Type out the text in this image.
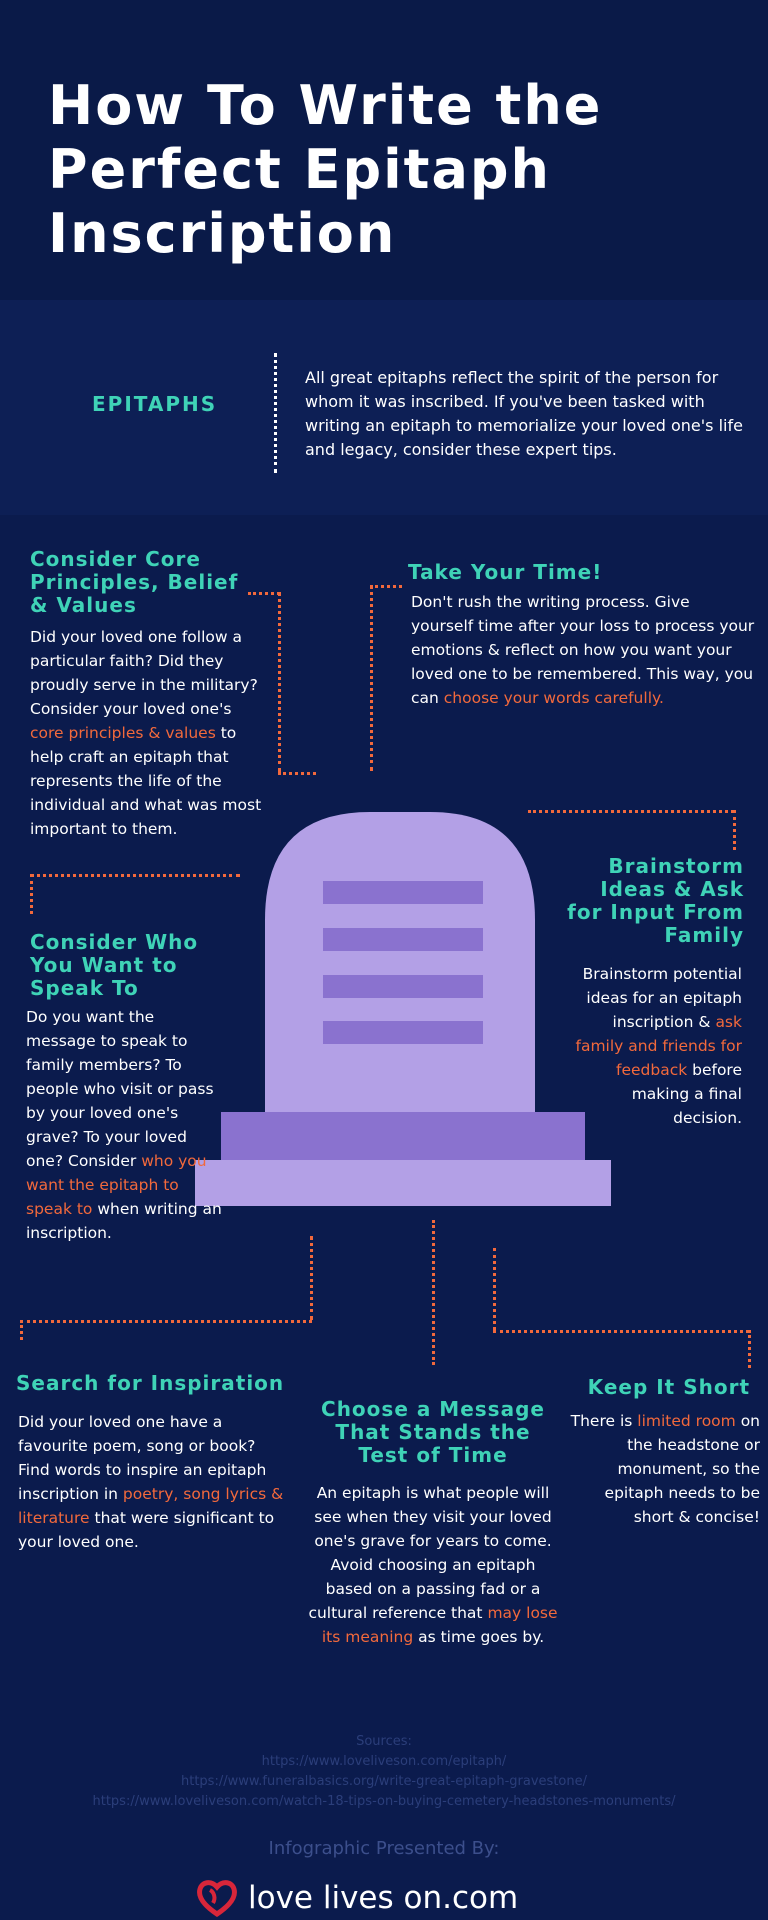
How To Write the Perfect Epitaph Inscription
EPITAPHS
All great epitaphs reflect the spirit of the person for whom it was inscribed. If you've been tasked with writing an epitaph to memorialize your loved one's life and legacy, consider these expert tips.
Consider Core Principles, Belief & Values
Did your loved one follow a particular faith? Did they proudly serve in the military? Consider your loved one's core principles & values to help craft an epitaph that represents the life of the individual and what was most important to them.
Take Your Time!
Don't rush the writing process. Give yourself time after your loss to process your emotions & reflect on how you want your loved one to be remembered. This way, you can choose your words carefully.
Brainstorm Ideas & Ask for Input From Family
Brainstorm potential ideas for an epitaph inscription & ask family and friends for feedback before making a final decision.
Consider Who You Want to Speak To
Do you want the message to speak to family members? To people who visit or pass by your loved one's grave? To your loved one? Consider who you want the epitaph to speak to when writing an inscription.
Search for Inspiration
Did your loved one have a favourite poem, song or book? Find words to inspire an epitaph inscription in poetry, song lyrics & literature that were significant to your loved one.
Choose a Message That Stands the Test of Time
An epitaph is what people will see when they visit your loved one's grave for years to come. Avoid choosing an epitaph based on a passing fad or a cultural reference that may lose its meaning as time goes by.
Keep It Short
There is limited room on the headstone or monument, so the epitaph needs to be short & concise!
Sources:
https://www.loveliveson.com/epitaph/
https://www.funeralbasics.org/write-great-epitaph-gravestone/
https://www.loveliveson.com/watch-18-tips-on-buying-cemetery-headstones-monuments/
Infographic Presented By:
love lives on.com
